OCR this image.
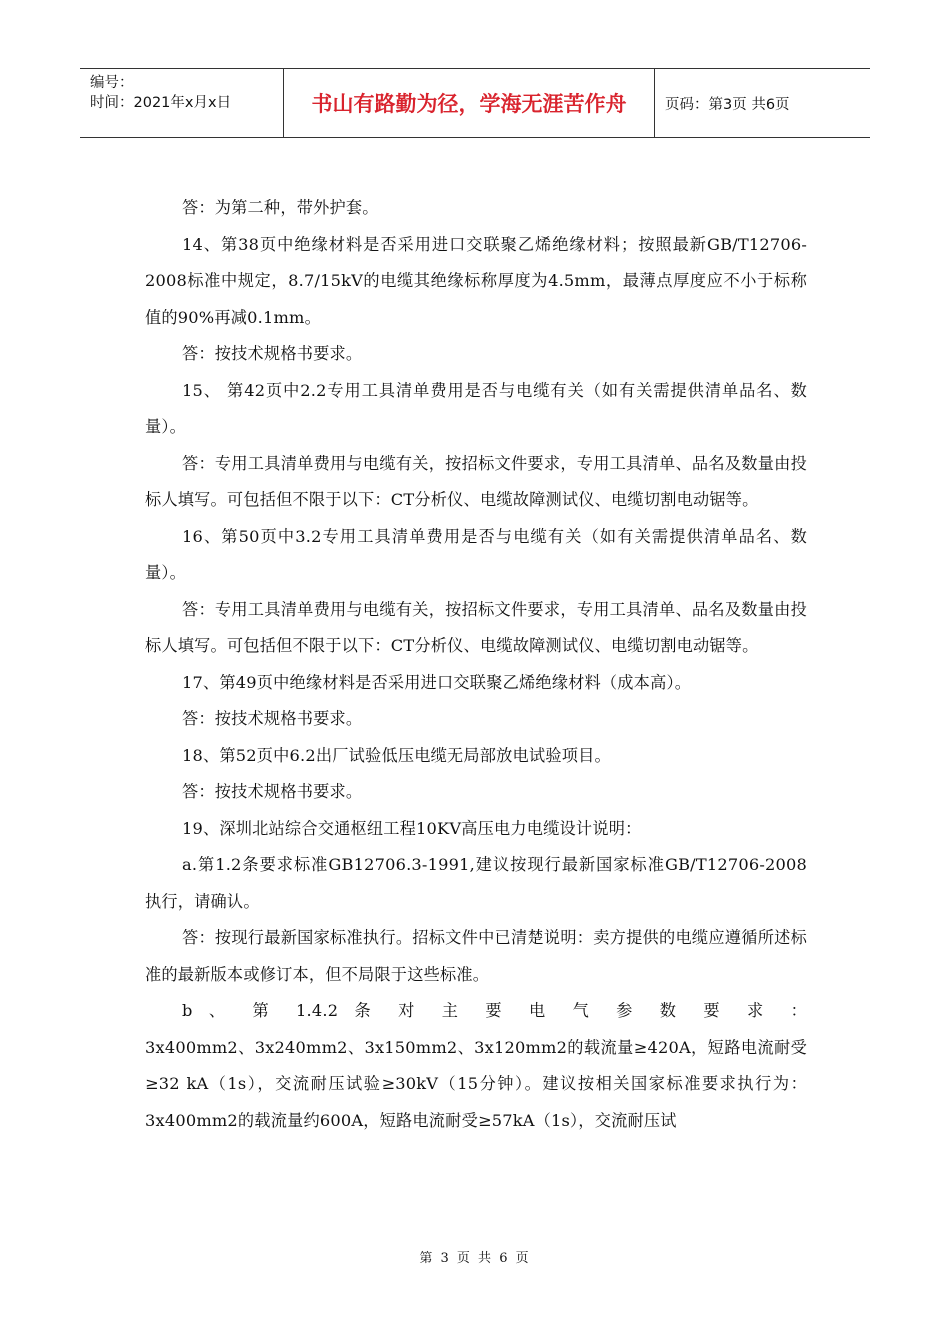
编号：
时间：2021年x月x日	书山有路勤为径，学海无涯苦作舟	页码：第3页 共6页

答：为第二种，带外护套。

14、第38页中绝缘材料是否采用进口交联聚乙烯绝缘材料；按照最新GB/T12706-2008标准中规定，8.7/15kV的电缆其绝缘标称厚度为4.5mm，最薄点厚度应不小于标称值的90%再减0.1mm。

答：按技术规格书要求。

15、 第42页中2.2专用工具清单费用是否与电缆有关（如有关需提供清单品名、数量）。

答：专用工具清单费用与电缆有关，按招标文件要求，专用工具清单、品名及数量由投标人填写。可包括但不限于以下：CT分析仪、电缆故障测试仪、电缆切割电动锯等。

16、第50页中3.2专用工具清单费用是否与电缆有关（如有关需提供清单品名、数量）。

答：专用工具清单费用与电缆有关，按招标文件要求，专用工具清单、品名及数量由投标人填写。可包括但不限于以下：CT分析仪、电缆故障测试仪、电缆切割电动锯等。

17、第49页中绝缘材料是否采用进口交联聚乙烯绝缘材料（成本高）。

答：按技术规格书要求。

18、第52页中6.2出厂试验低压电缆无局部放电试验项目。

答：按技术规格书要求。

19、深圳北站综合交通枢纽工程10KV高压电力电缆设计说明：

a.第1.2条要求标准GB12706.3-1991,建议按现行最新国家标准GB/T12706-2008执行，请确认。

答：按现行最新国家标准执行。招标文件中已清楚说明：卖方提供的电缆应遵循所述标准的最新版本或修订本，但不局限于这些标准。

b 、 第 1.4.2 条 对 主 要 电 气 参 数 要 求 ：

3x400mm2、3x240mm2、3x150mm2、3x120mm2的载流量≥420A，短路电流耐受≥32 kA（1s），交流耐压试验≥30kV（15分钟）。建议按相关国家标准要求执行为：3x400mm2的载流量约600A，短路电流耐受≥57kA（1s），交流耐压试

第 3 页 共 6 页
